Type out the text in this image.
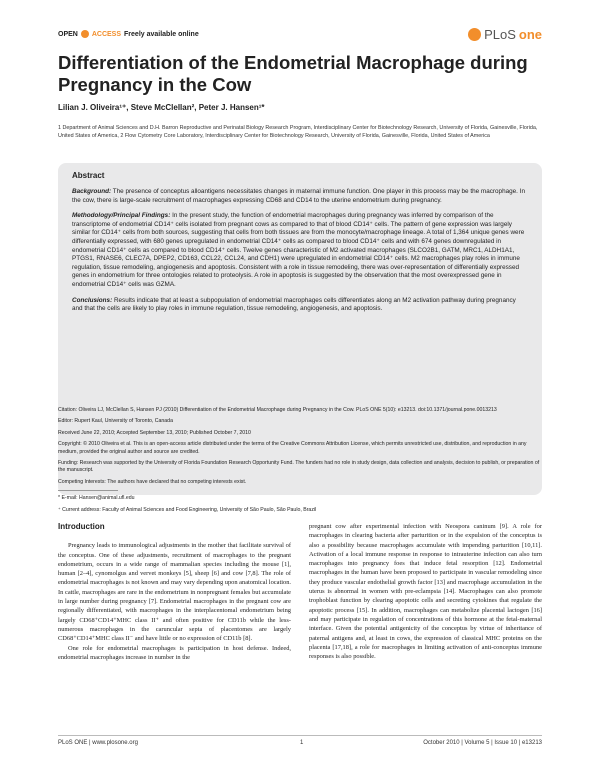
OPEN ACCESS Freely available online	PLoS one
Differentiation of the Endometrial Macrophage during Pregnancy in the Cow
Lilian J. Oliveira¹⁺, Steve McClellan², Peter J. Hansen¹*
1 Department of Animal Sciences and D.H. Barron Reproductive and Perinatal Biology Research Program, Interdisciplinary Center for Biotechnology Research, University of Florida, Gainesville, Florida, United States of America, 2 Flow Cytometry Core Laboratory, Interdisciplinary Center for Biotechnology Research, University of Florida, Gainesville, Florida, United States of America
Abstract

Background: The presence of conceptus alloantigens necessitates changes in maternal immune function. One player in this process may be the macrophage. In the cow, there is large-scale recruitment of macrophages expressing CD68 and CD14 to the uterine endometrium during pregnancy.

Methodology/Principal Findings: In the present study, the function of endometrial macrophages during pregnancy was inferred by comparison of the transcriptome of endometrial CD14⁺ cells isolated from pregnant cows as compared to that of blood CD14⁺ cells. The pattern of gene expression was largely similar for CD14⁺ cells from both sources, suggesting that cells from both tissues are from the monocyte/macrophage lineage. A total of 1,364 unique genes were differentially expressed, with 680 genes upregulated in endometrial CD14⁺ cells as compared to blood CD14⁺ cells and with 674 genes downregulated in endometrial CD14⁺ cells as compared to blood CD14⁺ cells. Twelve genes characteristic of M2 activated macrophages (SLCO2B1, GATM, MRC1, ALDH1A1, PTGS1, RNASE6, CLEC7A, DPEP2, CD163, CCL22, CCL24, and CDH1) were upregulated in endometrial CD14⁺ cells. M2 macrophages play roles in immune regulation, tissue remodeling, angiogenesis and apoptosis. Consistent with a role in tissue remodeling, there was over-representation of differentially expressed genes in endometrium for three ontologies related to proteolysis. A role in apoptosis is suggested by the observation that the most overexpressed gene in endometrial CD14⁺ cells was GZMA.

Conclusions: Results indicate that at least a subpopulation of endometrial macrophages cells differentiates along an M2 activation pathway during pregnancy and that the cells are likely to play roles in immune regulation, tissue remodeling, angiogenesis, and apoptosis.

Citation: Oliveira LJ, McClellan S, Hansen PJ (2010) Differentiation of the Endometrial Macrophage during Pregnancy in the Cow. PLoS ONE 5(10): e13213. doi:10.1371/journal.pone.0013213

Editor: Rupert Kaul, University of Toronto, Canada

Received June 22, 2010; Accepted September 13, 2010; Published October 7, 2010

Copyright: © 2010 Oliveira et al. This is an open-access article distributed under the terms of the Creative Commons Attribution License, which permits unrestricted use, distribution, and reproduction in any medium, provided the original author and source are credited.

Funding: Research was supported by the University of Florida Foundation Research Opportunity Fund. The funders had no role in study design, data collection and analysis, decision to publish, or preparation of the manuscript.

Competing Interests: The authors have declared that no competing interests exist.

* E-mail: Hansen@animal.ufl.edu

⁺ Current address: Faculty of Animal Sciences and Food Engineering, University of São Paulo, São Paulo, Brazil

Introduction

Pregnancy leads to immunological adjustments in the mother that facilitate survival of the conceptus. One of these adjustments, recruitment of macrophages to the pregnant endometrium, occurs in a wide range of mammalian species including the mouse [1], human [2–4], cynomolgus and vervet monkeys [5], sheep [6] and cow [7,8]. The role of endometrial macrophages is not known and may vary depending upon anatomical location. In cattle, macrophages are rare in the endometrium in nonpregnant females but accumulate in large number during pregnancy [7]. Endometrial macrophages in the pregnant cow are regionally differentiated, with macrophages in the interplacentomal endometrium being largely CD68⁺CD14⁺MHC class II⁺ and often positive for CD11b while the less-numerous macrophages in the caruncular septa of placentomes are largely CD68⁺CD14⁺MHC class II⁻ and have little or no expression of CD11b [8].

One role for endometrial macrophages is participation in host defense. Indeed, endometrial macrophages increase in number in the

pregnant cow after experimental infection with Neospora caninum [9]. A role for macrophages in clearing bacteria after parturition or in the expulsion of the conceptus is also a possibility because macrophages accumulate with impending parturition [10,11]. Activation of a local immune response in response to intrauterine infection can also turn macrophages into pregnancy foes that induce fetal resorption [12]. Endometrial macrophages in the human have been proposed to participate in vascular remodeling since they produce vascular endothelial growth factor [13] and macrophage accumulation in the uterus is abnormal in women with pre-eclampsia [14]. Macrophages can also promote trophoblast function by clearing apoptotic cells and secreting cytokines that regulate the apoptotic process [15]. In addition, macrophages can metabolize placental lactogen [16] and may participate in regulation of concentrations of this hormone at the fetal-maternal interface. Given the potential antigenicity of the conceptus by virtue of inheritance of paternal antigens and, at least in cows, the expression of classical MHC proteins on the placenta [17,18], a role for macrophages in limiting activation of anti-conceptus immune responses is also possible.

PLoS ONE | www.plosone.org	1	October 2010 | Volume 5 | Issue 10 | e13213
